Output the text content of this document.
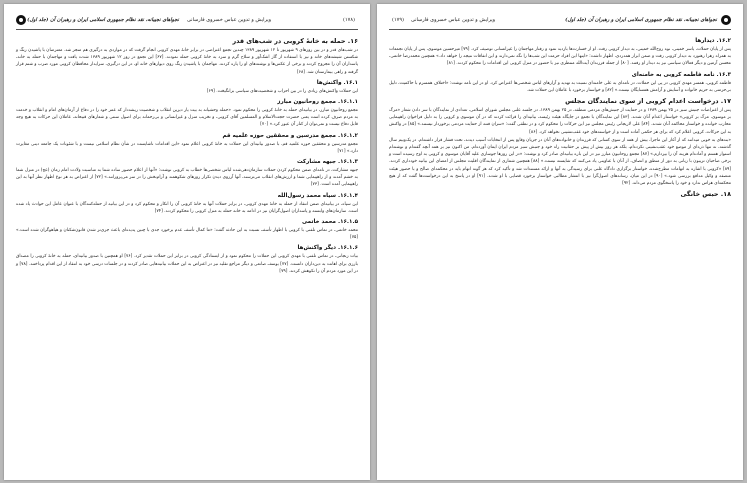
(۱۷۸)
ویرایش و تدوین عباس خسروی فارسانی
نجواهای نجیبانه، نقد نظام جمهوری اسلامی ایران و رهبران آن (جلد اول)
۱۶. حمله به خانهٔ کروبی در شب‌های قدر
در شب‌های قدر و در بین روزهای ۹ شهریور تا ۱۲ شهریور ۱۳۸۹ چندین تجمع اعتراضی در برابر خانهٔ مهدی کروبی انجام گرفت که در مواردی به درگیری هم منجر شد. معترضان با پاشیدن رنگ و شکستن شیشه‌های خانه و نیز با استفاده از گاز اشک‌آور و سلاح گرم و سرد به خانهٔ کروبی حمله نمودند. [۶۷] این تجمع در روز ۱۲ شهریور ۱۳۸۹ شدت یافت و مهاجمان با حمله به خانه، پاسداران آن را مجروح کردند و برخی از عکس‌ها و نوشته‌های او را پاره کردند. مهاجمان با پاشیدن رنگ روی دیوارهای خانه او، در این درگیری، سرایدار محافظان کروبی مورد ضرب و شتم قرار گرفته و راهی بیمارستان شد. [۶۸]
۱۶.۱. واکنش‌ها
این حملات واکنش‌های زیادی را در بین احزاب و شخصیت‌های سیاسی برانگیخت. [۶۹]
۱۶.۱.۱. مجمع روحانیون مبارز
مجمع روحانیون مبارز، در بیانیه‌ای حمله به خانهٔ کروبی را محکوم نمود. «حمله وحشیانه به بیت یار دیرین انقلاب و شخصیت ریشه‌دار که عمر خود را در دفاع از آرمان‌های امام و انقلاب و خدمت به مردم صرف کرده است یعنی حضرت حجت‌الاسلام و المسلمین آقای کروبی، و تخریب منزل و غیرانسانی و بی‌رحمانه برای اصول سنتی و شعارهای قبیحانه، عاملان این حرکات به هیچ وجه قابل دفاع نیست و نمی‌توان از کنار آن عبور کرد.» [۷۰]
۱۶.۱.۲. مجمع مدرسین و محققین حوزه علمیه قم
مجمع مدرسین و محققین حوزه علمیه قم، با صدور بیانیه‌ای این حملات به خانهٔ کروبی اعلام نمود «این اقدامات ناشایست در شأن نظام اسلامی نیست و با شئونات یک جامعه دینی مغایرت دارد.» [۷۱]
۱۶.۱.۳. جبهه مشارکت
جبهه مشارکت، در نامه‌ای ضمن محکوم کردن حملات سازمان‌دهی‌شده لباس شخصی‌ها خطاب به کروبی نوشت: «آنها از اعلام حضور ساده شما به مناسبت ولادت امام زمان (عج) در منزل شما به خشم آمدند و از راهپیمایی شما و ارزش‌های انقلاب می‌ترسند، آنها آرزوی دیدن تکرار روزهای شکوهمند و آرام‌بخش را در سر می‌پرورانند.» [۷۲] از اعتراض به هر نوع اظهار نظر آنها به این راهپیمایی آمده است. [۷۳]
۱۶.۱.۴. سیاه محمد رسول‌الله
این سپاه، در بیانیه‌ای ضمن انتقاد از حمله به خانهٔ مهدی کروبی، در برابر حملات آنها به خانهٔ کروبی آن را انکار و محکوم کرد و در این بیانیه از حمله‌کنندگان با عنوان عامل این حوادث یاد شده است. سازمان‌های وابسته و پاسداران اصول‌گرایان نیز در ادامه به خانه حمله به منزل کروبی را محکوم کردند. [۷۴]
۱۶.۱.۵. محمد خاتمی
محمد خاتمی، در تماس تلفنی با کروبی با اظهار تأسف نسبت به این حادثه گفت: «ما کمال تأسف عدم برخورد جدی با چنین پدیده‌ای باعث جری‌تر شدن قانون‌شکنان و هیاهوگران شده است.» [۷۵]
۱۶.۱.۶. دیگر واکنش‌ها
بیات زنجانی، در تماس تلفنی با مهدی کروبی این حملات را محکوم نمود و از ایستادگی کروبی در برابر این حملات تقدیر کرد. [۷۶] او همچنین با صدور بیانیه‌ای، حمله به خانهٔ کروبی را مصداق بارزی برای اهانت به دین‌داران دانست. [۷۷] یوسف صانعی و دیگر مراجع تقلید نیز در اعتراض به این حملات بیانیه‌هایی صادر کردند و در جلسات درسی خود به انتقاد از این اقدام پرداختند. [۷۸] و در این مورد مردم آن را نکوهش کردند. [۷۹]
نجواهای نجیبانه، نقد نظام جمهوری اسلامی ایران و رهبران آن (جلد اول)
ویرایش و تدوین عباس خسروی فارسانی
(۱۷۹)
۱۶.۲. دیدارها
پس از پایان حملات، یاسر خمینی، نوه روح‌الله خمینی، به دیدار کروبی رفت. او از خسارت‌ها بازدید نمود و رفتار مهاجمان را غیرانسانی توصیف کرد. [۷۹] میرحسین موسوی، پس از پایان تجمعات به همراه زهرا رهنورد به دیدار کروبی رفت و ضمن ابراز همدردی، اظهار داشت: «اینها این افراد حرمت این شب‌ها را نگه نمی‌دارند و این اتفاقات نتیجه را خواهد داد.» همچنین محمدرضا خاتمی، محسن آرمین و دیگر فعالان سیاسی نیز به دیدار او رفتند. [۸۰] از جمله فرزندان آیت‌الله منتظری نیز با حضور در منزل کروبی این اقدامات را محکوم کردند. [۸۱]
۱۶.۳. نامه فاطمه کروبی به خامنه‌ای
فاطمه کروبی، همسر مهدی کروبی در پی این حملات، در نامه‌ای به علی خامنه‌ای نسبت به تهدید و آزارهای لباس شخصی‌ها اعتراض کرد. او در این نامه نوشت: «اختلاف همسرم با حاکمیت، دلیل بی‌حرمتی به حریم خانواده و آسایش و آرامش همسایگان نیست.» [۸۲] و خواستار برخورد با عاملان این حملات شد.
۱۷. درخواست اعدام کروبی از سوی نمایندگان مجلس
پس از اعتراضات جنبش سبز در ۲۵ بهمن ۱۳۸۹ و در حمایت از جنبش‌های مردمی منطقه، در ۲۵ بهمن ۱۳۸۹، در جلسه علنی مجلس شورای اسلامی، تعدادی از نمایندگان با سر دادن شعار «مرگ بر موسوی، مرگ بر کروبی» خواستار اعدام آنان شدند. [۸۳] این نمایندگان با تجمع در جایگاه هیئت رئیسه، بیانیه‌ای را قرائت کردند که در آن موسوی و کروبی را به دلیل فراخوان راهپیمایی محارب خوانده و خواستار محاکمه آنان شدند. [۸۴] علی لاریجانی رئیس مجلس نیز این حرکات را محکوم کرد و در نطقی گفت: «سران فتنه از حمایت مردمی برخوردار نیستند.» [۸۵] در واکنش به این حرکات، کروبی اعلام کرد که برای هر حکمی آماده است و از خواسته‌های خود عقب‌نشینی نخواهد کرد. [۸۶]
«بندهای به خوبی میدانند که از آغاز این ماجرا، بیش از همه از سوی کسانی که فرزندان و خانواده‌های آنان در جریان وقایع پس از انتخابات آسیب دیدند، تحت فشار قرار داشته‌ام. در یک‌ونیم سال گذشته، نه تنها ذره‌ای از موضع خود عقب‌نشینی نکرده‌ام، بلکه هر روز بیش از پیش بر حقانیت راه خود و جنبش سبز مردم ایران ایمان آورده‌ام. من اکنون نیز بر همه آنچه گفته‌ام و نوشته‌ام استوار هستم و آماده‌ام هزینه آن را بپردازم.» [۸۷] مجمع روحانیون مبارز نیز در این باره بیانیه‌ای صادر کرد و نوشت: «در این روزها جوسازی علیه آقایان موسوی و کروبی به اوج رسیده است و برخی صاحبان تریبون با زبانی به دور از منطق و انصاف، از آنان با عناوینی یاد می‌کنند که شایسته نیست.» [۸۸] همچنین شماری از نمایندگان اقلیت مجلس از امضای این بیانیه خودداری کردند. [۸۹] «کروبی با اشاره به اتهامات مطرح‌شده، خواستار برگزاری دادگاه علنی برای رسیدگی به آنها و ارائه مستندات شد و تأکید کرد که هر گونه اتهام باید در محکمه‌ای صالح و با حضور هیئت منصفه و وکیل مدافع بررسی شود.» [۹۰] در این میان، رسانه‌های اصول‌گرا نیز با انتشار مطالبی خواستار برخورد قضایی با او شدند. [۹۱] او در پاسخ به این درخواست‌ها گفت که از هیچ محکمه‌ای هراس ندارد و خود را پاسخگوی مردم می‌داند. [۹۲]
۱۸. حبس خانگی
